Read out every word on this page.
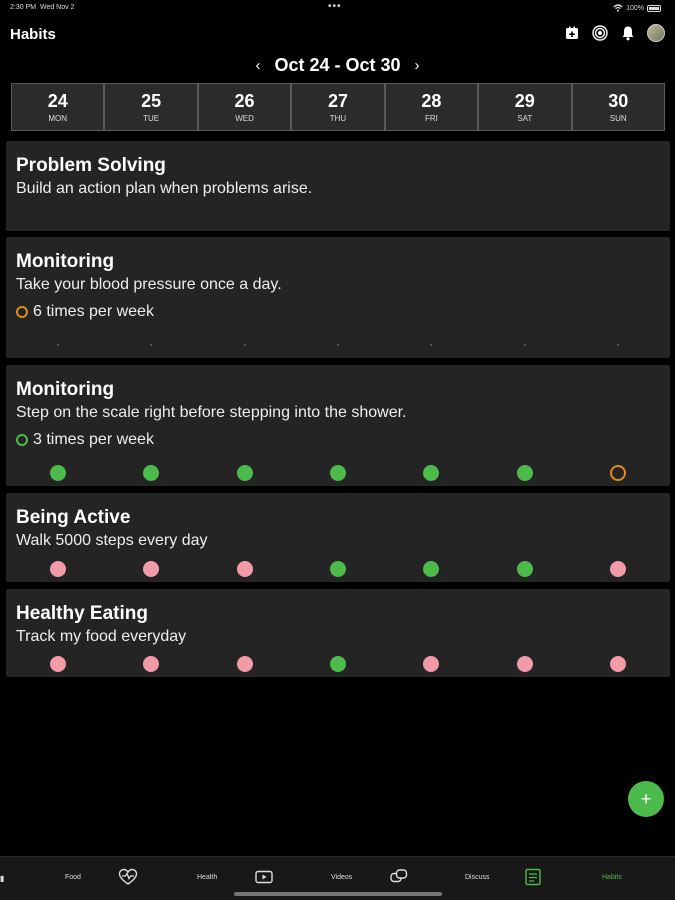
2:30 PM Wed Nov 2	•••	100%
Habits
‹ Oct 24 - Oct 30 ›
24
MON
25
TUE
26
WED
27
THU
28
FRI
29
SAT
30
SUN
Problem Solving
Build an action plan when problems arise.
Monitoring
Take your blood pressure once a day.
6 times per week
Monitoring
Step on the scale right before stepping into the shower.
3 times per week
Being Active
Walk 5000 steps every day
Healthy Eating
Track my food everyday
+
▮	Food	Health	Videos	Discuss	Habits
